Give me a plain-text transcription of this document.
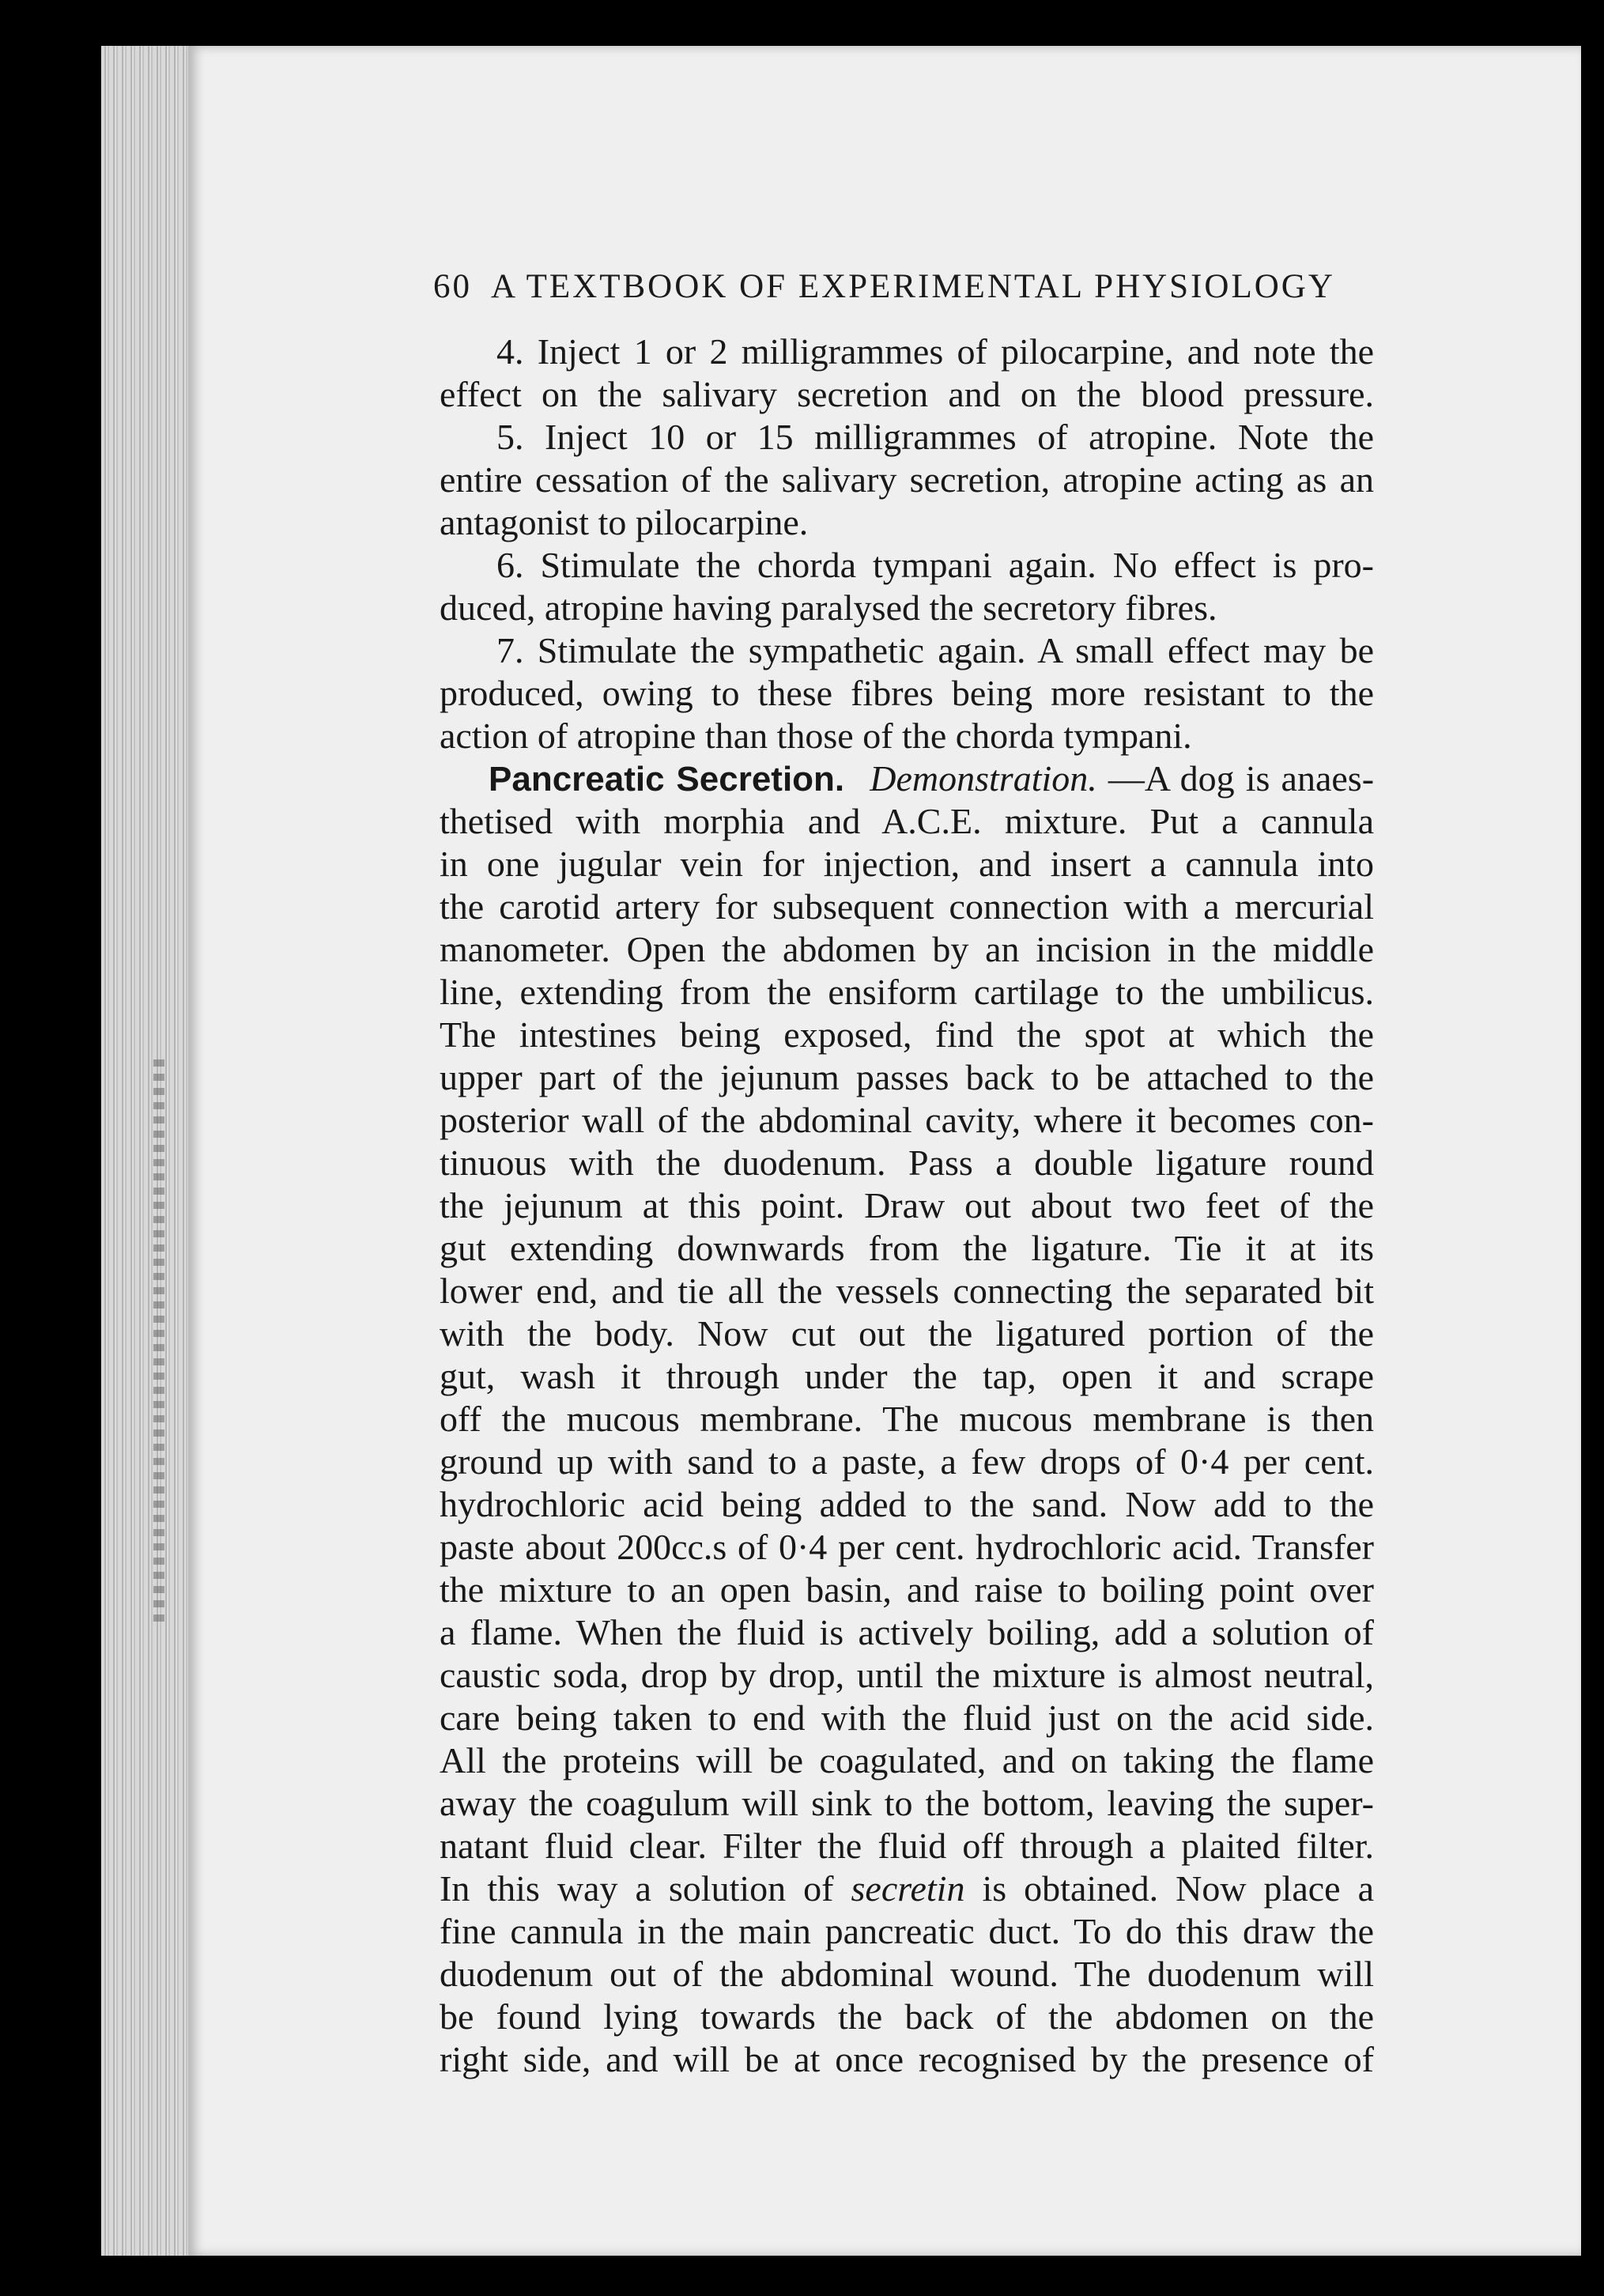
60 A TEXTBOOK OF EXPERIMENTAL PHYSIOLOGY
4. Inject 1 or 2 milligrammes of pilocarpine, and note the
effect on the salivary secretion and on the blood pressure.
5. Inject 10 or 15 milligrammes of atropine. Note the
entire cessation of the salivary secretion, atropine acting as an
antagonist to pilocarpine.
6. Stimulate the chorda tympani again. No effect is pro-
duced, atropine having paralysed the secretory fibres.
7. Stimulate the sympathetic again. A small effect may be
produced, owing to these fibres being more resistant to the
action of atropine than those of the chorda tympani.
Pancreatic Secretion. Demonstration. —A dog is anaes-
thetised with morphia and A.C.E. mixture. Put a cannula
in one jugular vein for injection, and insert a cannula into
the carotid artery for subsequent connection with a mercurial
manometer. Open the abdomen by an incision in the middle
line, extending from the ensiform cartilage to the umbilicus.
The intestines being exposed, find the spot at which the
upper part of the jejunum passes back to be attached to the
posterior wall of the abdominal cavity, where it becomes con-
tinuous with the duodenum. Pass a double ligature round
the jejunum at this point. Draw out about two feet of the
gut extending downwards from the ligature. Tie it at its
lower end, and tie all the vessels connecting the separated bit
with the body. Now cut out the ligatured portion of the
gut, wash it through under the tap, open it and scrape
off the mucous membrane. The mucous membrane is then
ground up with sand to a paste, a few drops of 0·4 per cent.
hydrochloric acid being added to the sand. Now add to the
paste about 200cc.s of 0·4 per cent. hydrochloric acid. Transfer
the mixture to an open basin, and raise to boiling point over
a flame. When the fluid is actively boiling, add a solution of
caustic soda, drop by drop, until the mixture is almost neutral,
care being taken to end with the fluid just on the acid side.
All the proteins will be coagulated, and on taking the flame
away the coagulum will sink to the bottom, leaving the super-
natant fluid clear. Filter the fluid off through a plaited filter.
In this way a solution of secretin is obtained. Now place a
fine cannula in the main pancreatic duct. To do this draw the
duodenum out of the abdominal wound. The duodenum will
be found lying towards the back of the abdomen on the
right side, and will be at once recognised by the presence of
